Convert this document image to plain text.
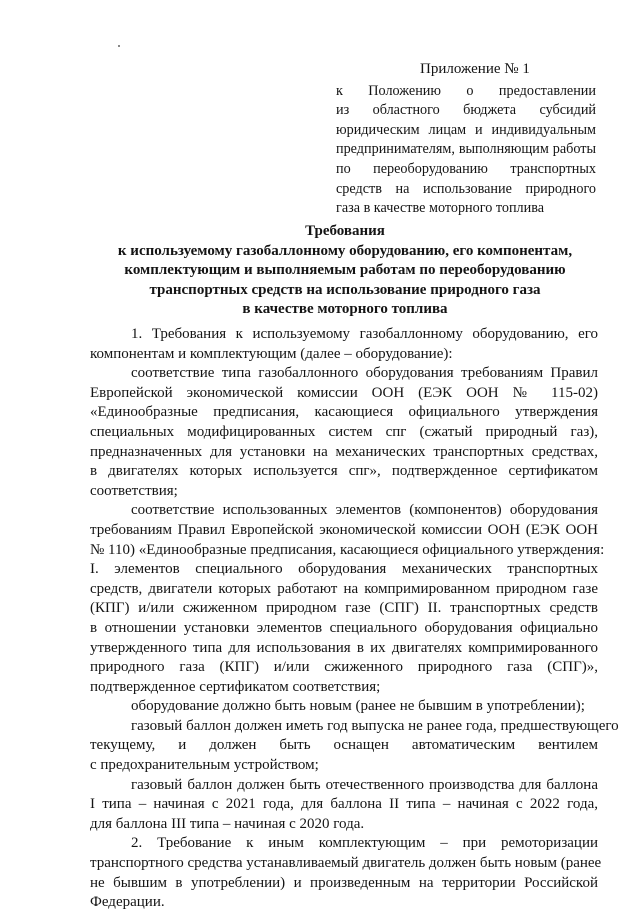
Приложение № 1
к Положению о предоставлении
из областного бюджета субсидий
юридическим лицам и индивидуальным
предпринимателям, выполняющим работы
по переоборудованию транспортных
средств на использование природного
газа в качестве моторного топлива
Требования
к используемому газобаллонному оборудованию, его компонентам,
комплектующим и выполняемым работам по переоборудованию
транспортных средств на использование природного газа
в качестве моторного топлива
1. Требования к используемому газобаллонному оборудованию, его
компонентам и комплектующим (далее – оборудование):
соответствие типа газобаллонного оборудования требованиям Правил
Европейской экономической комиссии ООН (ЕЭК ООН № 115-02)
«Единообразные предписания, касающиеся официального утверждения
специальных модифицированных систем спг (сжатый природный газ),
предназначенных для установки на механических транспортных средствах,
в двигателях которых используется спг», подтвержденное сертификатом
соответствия;
соответствие использованных элементов (компонентов) оборудования
требованиям Правил Европейской экономической комиссии ООН (ЕЭК ООН
№ 110) «Единообразные предписания, касающиеся официального утверждения:
I. элементов специального оборудования механических транспортных
средств, двигатели которых работают на компримированном природном газе
(КПГ) и/или сжиженном природном газе (СПГ) II. транспортных средств
в отношении установки элементов специального оборудования официально
утвержденного типа для использования в их двигателях компримированного
природного газа (КПГ) и/или сжиженного природного газа (СПГ)»,
подтвержденное сертификатом соответствия;
оборудование должно быть новым (ранее не бывшим в употреблении);
газовый баллон должен иметь год выпуска не ранее года, предшествующего
текущему, и должен быть оснащен автоматическим вентилем
с предохранительным устройством;
газовый баллон должен быть отечественного производства для баллона
I типа – начиная с 2021 года, для баллона II типа – начиная с 2022 года,
для баллона III типа – начиная с 2020 года.
2. Требование к иным комплектующим – при ремоторизации
транспортного средства устанавливаемый двигатель должен быть новым (ранее
не бывшим в употреблении) и произведенным на территории Российской
Федерации.
